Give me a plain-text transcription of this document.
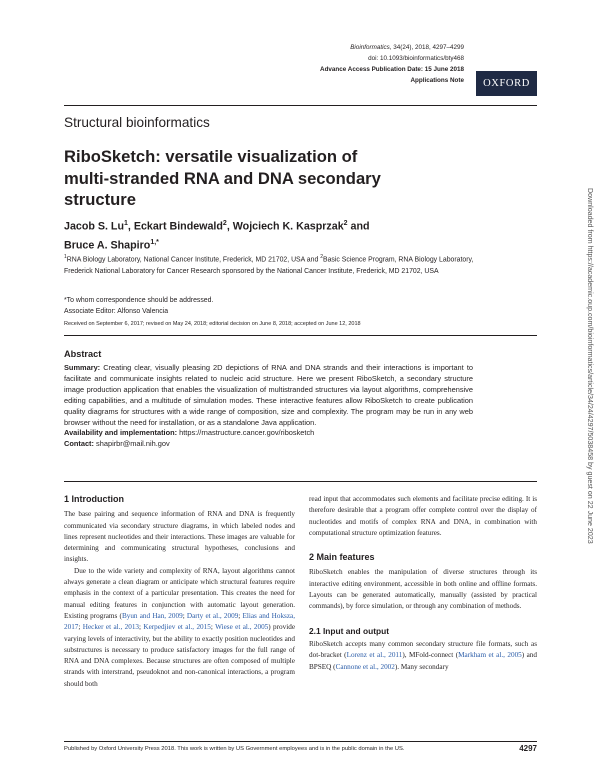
Bioinformatics, 34(24), 2018, 4297–4299
doi: 10.1093/bioinformatics/bty468
Advance Access Publication Date: 15 June 2018
Applications Note	OXFORD
Structural bioinformatics
RiboSketch: versatile visualization of multi-stranded RNA and DNA secondary structure
Jacob S. Lu$^1$, Eckart Bindewald$^2$, Wojciech K. Kasprzak$^2$ and
Bruce A. Shapiro$^{1,*}$
$^1$RNA Biology Laboratory, National Cancer Institute, Frederick, MD 21702, USA and $^2$Basic Science Program, RNA Biology Laboratory, Frederick National Laboratory for Cancer Research sponsored by the National Cancer Institute, Frederick, MD 21702, USA
*To whom correspondence should be addressed.
Associate Editor: Alfonso Valencia
Received on September 6, 2017; revised on May 24, 2018; editorial decision on June 8, 2018; accepted on June 12, 2018
Abstract
Summary: Creating clear, visually pleasing 2D depictions of RNA and DNA strands and their interactions is important to facilitate and communicate insights related to nucleic acid structure. Here we present RiboSketch, a secondary structure image production application that enables the visualization of multistranded structures via layout algorithms, comprehensive editing capabilities, and a multitude of simulation modes. These interactive features allow RiboSketch to create publication quality diagrams for structures with a wide range of composition, size and complexity. The program may be run in any web browser without the need for installation, or as a standalone Java application.
Availability and implementation: https://rnastructure.cancer.gov/ribosketch
Contact: shapirbr@mail.nih.gov

1 Introduction

The base pairing and sequence information of RNA and DNA is frequently communicated via secondary structure diagrams, in which labeled nodes and lines represent nucleotides and their interactions. These images are valuable for determining and communicating structural hypotheses, conclusions and insights.

Due to the wide variety and complexity of RNA, layout algorithms cannot always generate a clean diagram or anticipate which structural features require emphasis in the context of a particular presentation. This creates the need for manual editing features in conjunction with automatic layout generation. Existing programs (Byun and Han, 2009; Darty et al., 2009; Elias and Hoksza, 2017; Hecker et al., 2013; Kerpedjiev et al., 2015; Wiese et al., 2005) provide varying levels of interactivity, but the ability to exactly position nucleotides and substructures is necessary to produce satisfactory images for the full range of RNA and DNA complexes. Because structures are often composed of multiple strands with interstrand, pseudoknot and non-canonical interactions, a program should both

read input that accommodates such elements and facilitate precise editing. It is therefore desirable that a program offer complete control over the display of nucleotides and motifs of complex RNA and DNA, in combination with computational structure optimization features.

2 Main features

RiboSketch enables the manipulation of diverse structures through its interactive editing environment, accessible in both online and offline formats. Layouts can be generated automatically, manually (assisted by practical commands), by force simulation, or through any combination of methods.

2.1 Input and output

RiboSketch accepts many common secondary structure file formats, such as dot-bracket (Lorenz et al., 2011), MFold-connect (Markham et al., 2005) and BPSEQ (Cannone et al., 2002). Many secondary

Published by Oxford University Press 2018. This work is written by US Government employees and is in the public domain in the US.	4297
Downloaded from https://academic.oup.com/bioinformatics/article/34/24/4297/5038458 by guest on 22 June 2023
